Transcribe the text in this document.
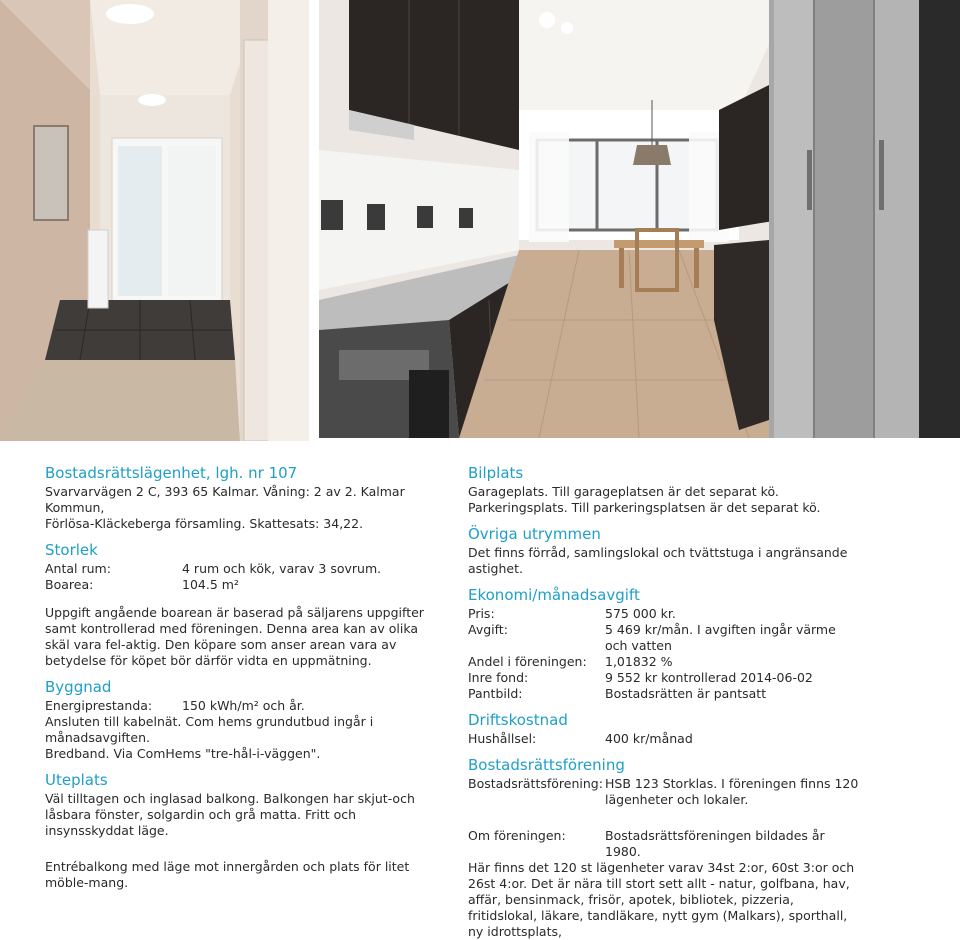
Bostadsrättslägenhet, lgh. nr 107

Svarvarvägen 2 C, 393 65 Kalmar. Våning: 2 av 2. Kalmar Kommun,

Förlösa-Kläckeberga församling. Skattesats: 34,22.

Storlek
Antal rum:	4 rum och kök, varav 3 sovrum.
Boarea:	104.5 m²

Uppgift angående boarean är baserad på säljarens uppgifter samt kontrollerad med föreningen. Denna area kan av olika skäl vara fel-aktig. Den köpare som anser arean vara av betydelse för köpet bör därför vidta en uppmätning.

Byggnad
Energiprestanda:	150 kWh/m² och år.

Ansluten till kabelnät. Com hems grundutbud ingår i månadsavgiften.

Bredband. Via ComHems "tre-hål-i-väggen".

Uteplats

Väl tilltagen och inglasad balkong. Balkongen har skjut-och låsbara fönster, solgardin och grå matta. Fritt och insynsskyddat läge.

Entrébalkong med läge mot innergården och plats för litet möble-mang.

Bilplats

Garageplats. Till garageplatsen är det separat kö.

Parkeringsplats. Till parkeringsplatsen är det separat kö.

Övriga utrymmen

Det finns förråd, samlingslokal och tvättstuga i angränsande astighet.

Ekonomi/månadsavgift
Pris:	575 000 kr.
Avgift:	5 469 kr/mån. I avgiften ingår värme och vatten
Andel i föreningen:	1,01832 %
Inre fond:	9 552 kr kontrollerad 2014-06-02
Pantbild:	Bostadsrätten är pantsatt
Driftskostnad
Hushållsel:	400 kr/månad
Bostadsrättsförening
Bostadsrättsförening: HSB 123 Storklas. I föreningen finns 120 lägenheter och lokaler.
Om föreningen:	Bostadsrättsföreningen bildades år 1980.

Här finns det 120 st lägenheter varav 34st 2:or, 60st 3:or och 26st 4:or. Det är nära till stort sett allt - natur, golfbana, hav, affär, bensinmack, frisör, apotek, bibliotek, pizzeria, fritidslokal, läkare, tandläkare, nytt gym (Malkars), sporthall, ny idrottsplats,
